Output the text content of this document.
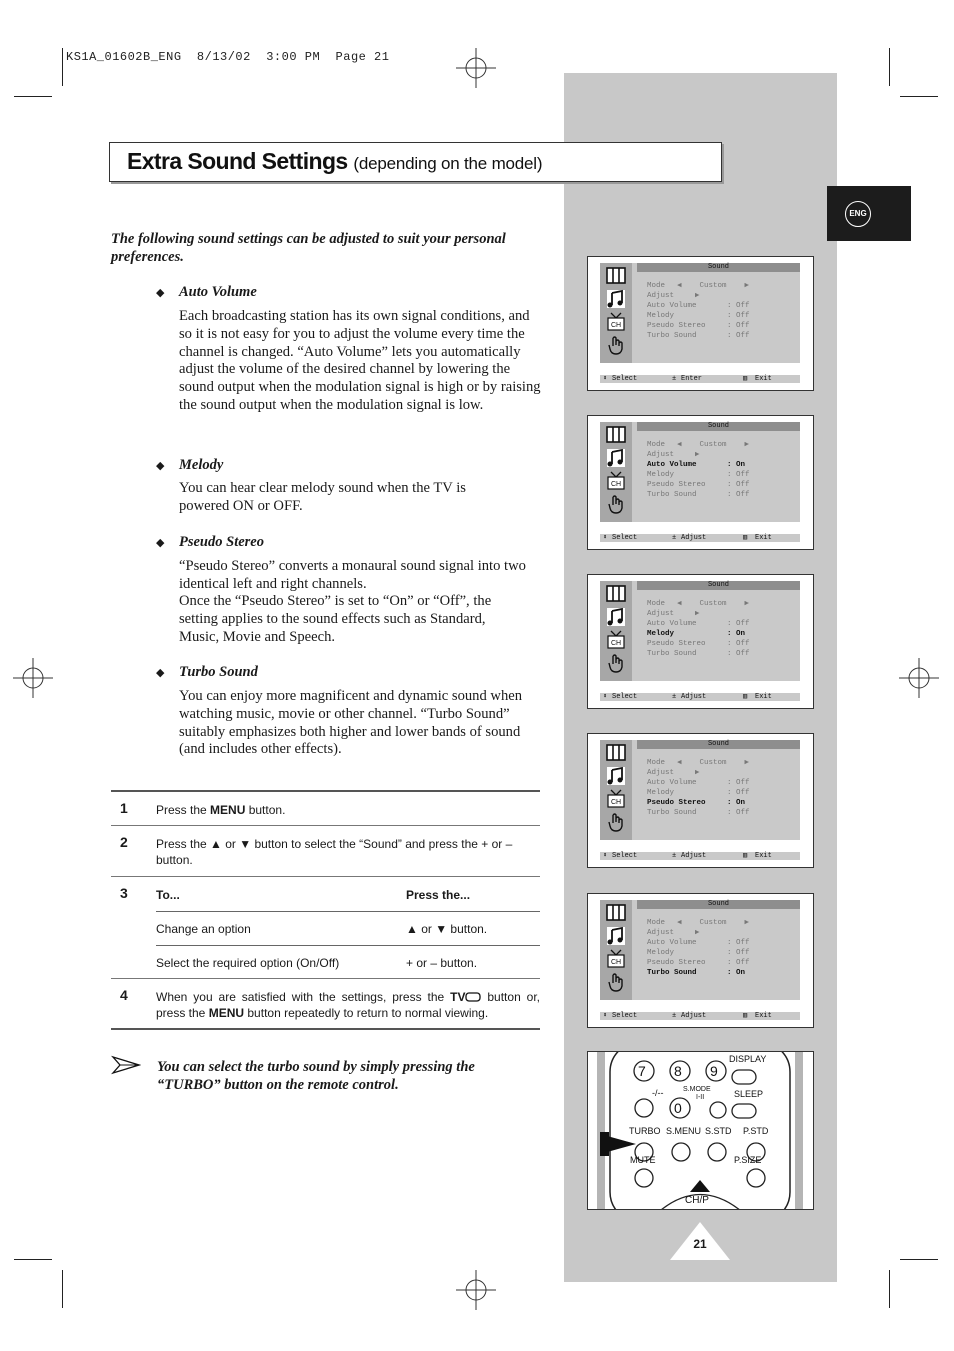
KS1A_01602B_ENG  8/13/02  3:00 PM  Page 21
ENG
Extra Sound Settings (depending on the model)
The following sound settings can be adjusted to suit your personal preferences.
◆ Auto Volume
Each broadcasting station has its own signal conditions, and so it is not easy for you to adjust the volume every time the channel is changed. “Auto Volume” lets you automatically adjust the volume of the desired channel by lowering the sound output when the modulation signal is high or by raising the sound output when the modulation signal is low.
◆ Melody
You can hear clear melody sound when the TV is powered ON or OFF.
◆ Pseudo Stereo
“Pseudo Stereo” converts a monaural sound signal into two identical left and right channels.
Once the “Pseudo Stereo” is set to “On” or “Off”, the setting applies to the sound effects such as Standard, Music, Movie and Speech.
◆ Turbo Sound
You can enjoy more magnificent and dynamic sound when watching music, movie or other channel. “Turbo Sound” suitably emphasizes both higher and lower bands of sound (and includes other effects).
1 Press the MENU button.
2 Press the ▲ or ▼ button to select the “Sound” and press the + or – button.
3 To...	Press the...
Change an option	▲ or ▼ button.
Select the required option (On/Off)	+ or – button.
4 When you are satisfied with the settings, press the TV button or, press the MENU button repeatedly to return to normal viewing.
You can select the turbo sound by simply pressing the “TURBO” button on the remote control.
CH
Sound
Mode ◀    Custom    ▶
Adjust ▶
Auto Volume	: Off
Melody	: Off
Pseudo Stereo	: Off
Turbo Sound	: Off
⬍ Select	± Enter	▥ Exit
CH
Sound
Mode ◀    Custom    ▶
Adjust ▶
Auto Volume	: On
Melody	: Off
Pseudo Stereo	: Off
Turbo Sound	: Off
⬍ Select	± Adjust	▥ Exit
CH
Sound
Mode ◀    Custom    ▶
Adjust ▶
Auto Volume	: Off
Melody	: On
Pseudo Stereo	: Off
Turbo Sound	: Off
⬍ Select	± Adjust	▥ Exit
CH
Sound
Mode ◀    Custom    ▶
Adjust ▶
Auto Volume	: Off
Melody	: Off
Pseudo Stereo	: On
Turbo Sound	: Off
⬍ Select	± Adjust	▥ Exit
CH
Sound
Mode ◀    Custom    ▶
Adjust ▶
Auto Volume	: Off
Melody	: Off
Pseudo Stereo	: Off
Turbo Sound	: On
⬍ Select	± Adjust	▥ Exit
7 8 9
0
DISPLAY
S.MODE
I-II
-/--	SLEEP
TURBO S.MENU S.STD P.STD
MUTE	P.SIZE
CH/P
21
